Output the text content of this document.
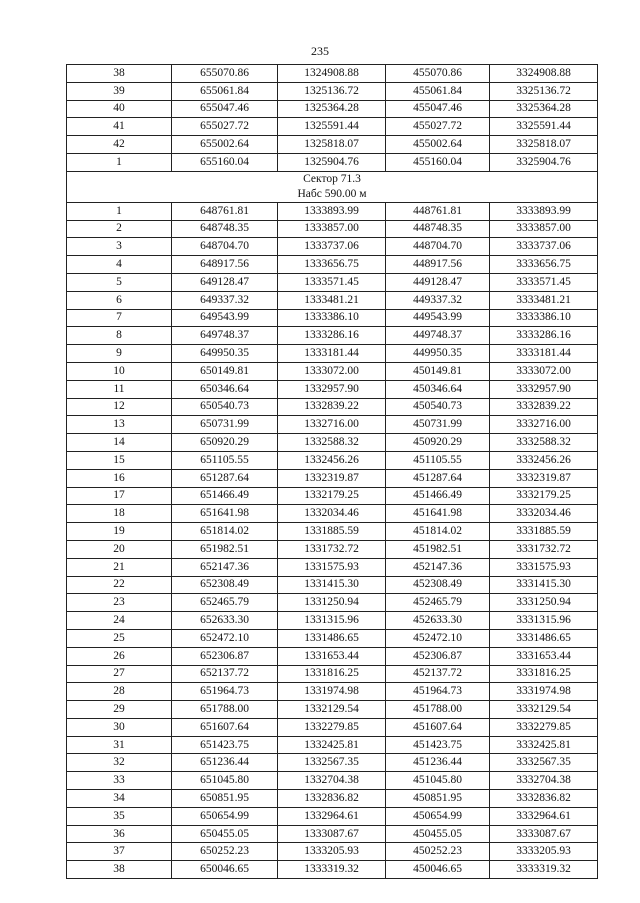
235
38	655070.86	1324908.88	455070.86	3324908.88
39	655061.84	1325136.72	455061.84	3325136.72
40	655047.46	1325364.28	455047.46	3325364.28
41	655027.72	1325591.44	455027.72	3325591.44
42	655002.64	1325818.07	455002.64	3325818.07
1	655160.04	1325904.76	455160.04	3325904.76

Сектор 71.3
Набс 590.00 м				

1	648761.81	1333893.99	448761.81	3333893.99
2	648748.35	1333857.00	448748.35	3333857.00
3	648704.70	1333737.06	448704.70	3333737.06
4	648917.56	1333656.75	448917.56	3333656.75
5	649128.47	1333571.45	449128.47	3333571.45
6	649337.32	1333481.21	449337.32	3333481.21
7	649543.99	1333386.10	449543.99	3333386.10
8	649748.37	1333286.16	449748.37	3333286.16
9	649950.35	1333181.44	449950.35	3333181.44
10	650149.81	1333072.00	450149.81	3333072.00
11	650346.64	1332957.90	450346.64	3332957.90
12	650540.73	1332839.22	450540.73	3332839.22
13	650731.99	1332716.00	450731.99	3332716.00
14	650920.29	1332588.32	450920.29	3332588.32
15	651105.55	1332456.26	451105.55	3332456.26
16	651287.64	1332319.87	451287.64	3332319.87
17	651466.49	1332179.25	451466.49	3332179.25
18	651641.98	1332034.46	451641.98	3332034.46
19	651814.02	1331885.59	451814.02	3331885.59
20	651982.51	1331732.72	451982.51	3331732.72
21	652147.36	1331575.93	452147.36	3331575.93
22	652308.49	1331415.30	452308.49	3331415.30
23	652465.79	1331250.94	452465.79	3331250.94
24	652633.30	1331315.96	452633.30	3331315.96
25	652472.10	1331486.65	452472.10	3331486.65
26	652306.87	1331653.44	452306.87	3331653.44
27	652137.72	1331816.25	452137.72	3331816.25
28	651964.73	1331974.98	451964.73	3331974.98
29	651788.00	1332129.54	451788.00	3332129.54
30	651607.64	1332279.85	451607.64	3332279.85
31	651423.75	1332425.81	451423.75	3332425.81
32	651236.44	1332567.35	451236.44	3332567.35
33	651045.80	1332704.38	451045.80	3332704.38
34	650851.95	1332836.82	450851.95	3332836.82
35	650654.99	1332964.61	450654.99	3332964.61
36	650455.05	1333087.67	450455.05	3333087.67
37	650252.23	1333205.93	450252.23	3333205.93
38	650046.65	1333319.32	450046.65	3333319.32
